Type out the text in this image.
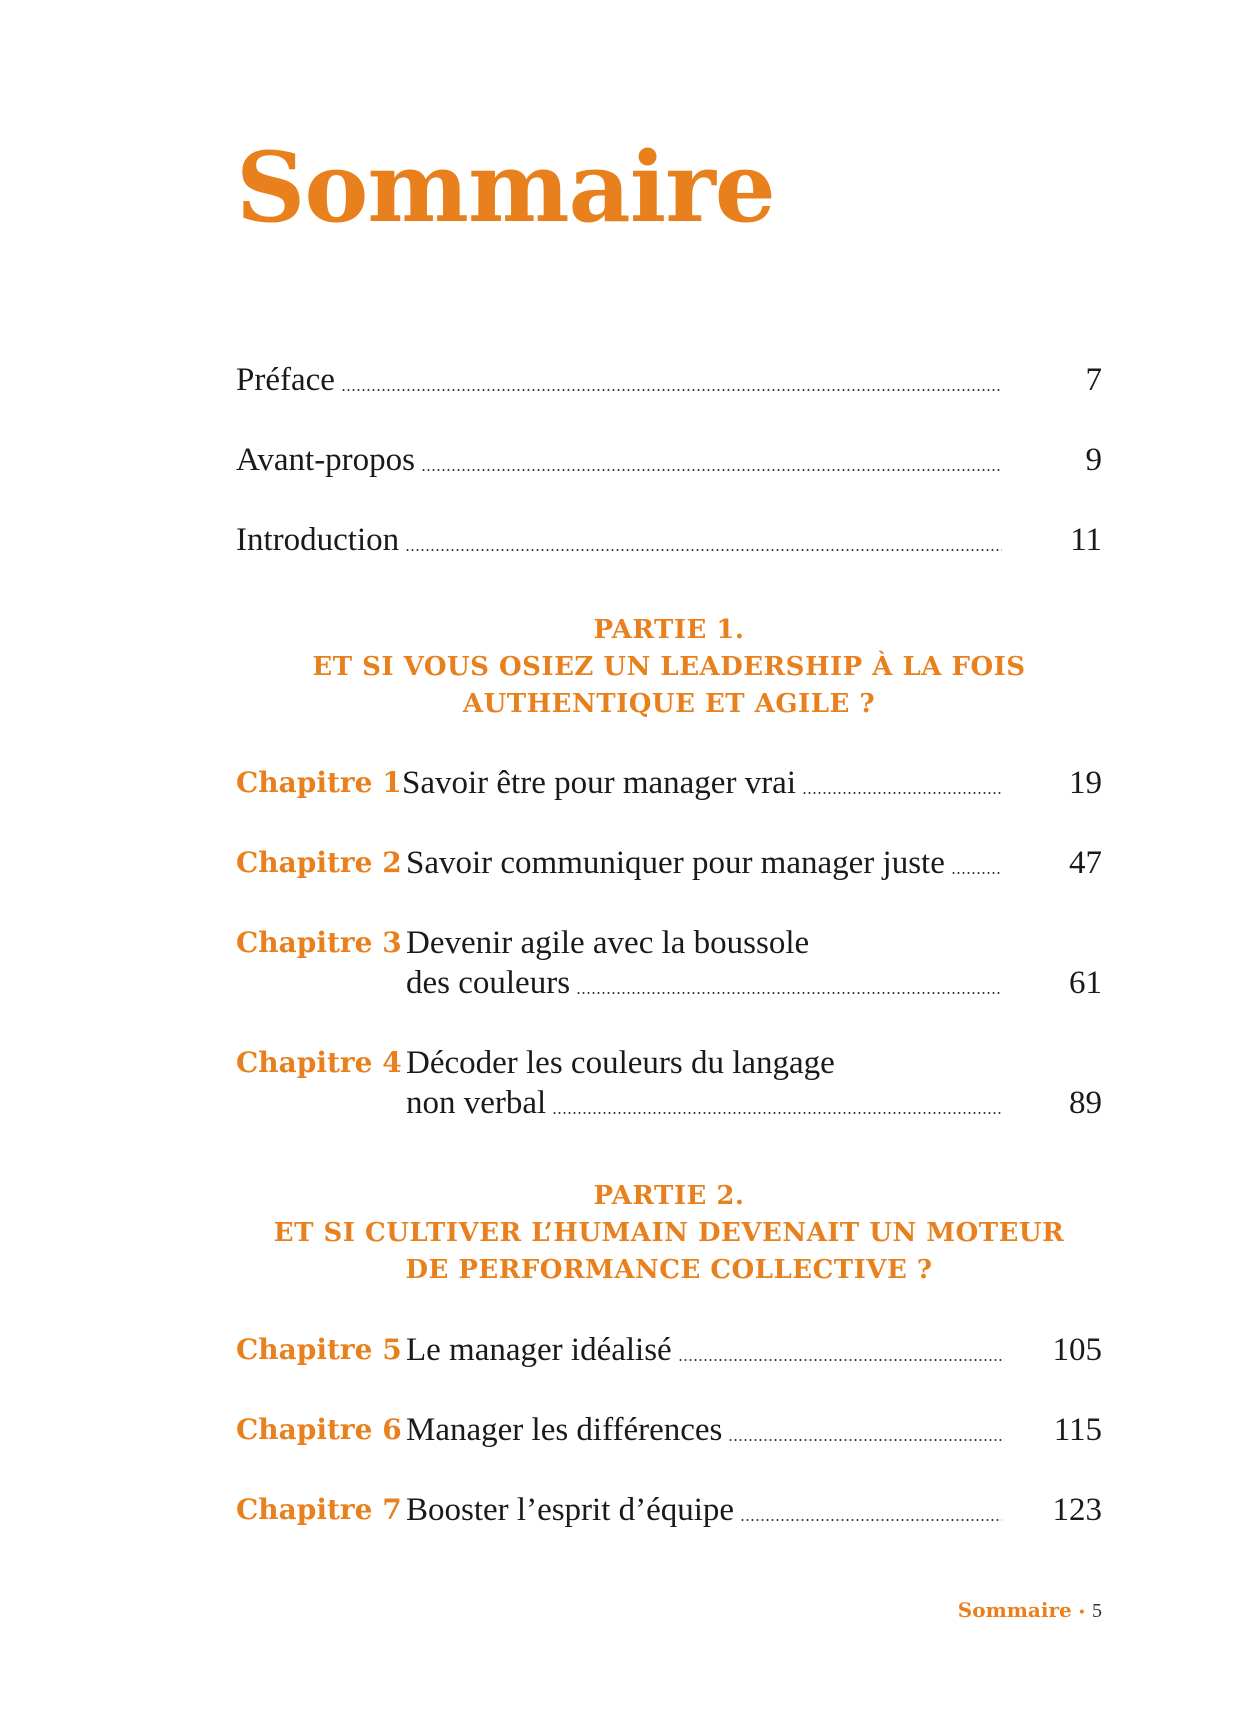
Sommaire
Préface	7
Avant-propos	9
Introduction	11
PARTIE 1.
ET SI VOUS OSIEZ UN LEADERSHIP À LA FOIS
AUTHENTIQUE ET AGILE ?
Chapitre 1 Savoir être pour manager vrai	19
Chapitre 2 Savoir communiquer pour manager juste	47
Chapitre 3 Devenir agile avec la boussole
des couleurs	61
Chapitre 4 Décoder les couleurs du langage
non verbal	89
PARTIE 2.
ET SI CULTIVER L’HUMAIN DEVENAIT UN MOTEUR
DE PERFORMANCE COLLECTIVE ?
Chapitre 5 Le manager idéalisé	105
Chapitre 6 Manager les différences	115
Chapitre 7 Booster l’esprit d’équipe	123
Sommaire • 5
